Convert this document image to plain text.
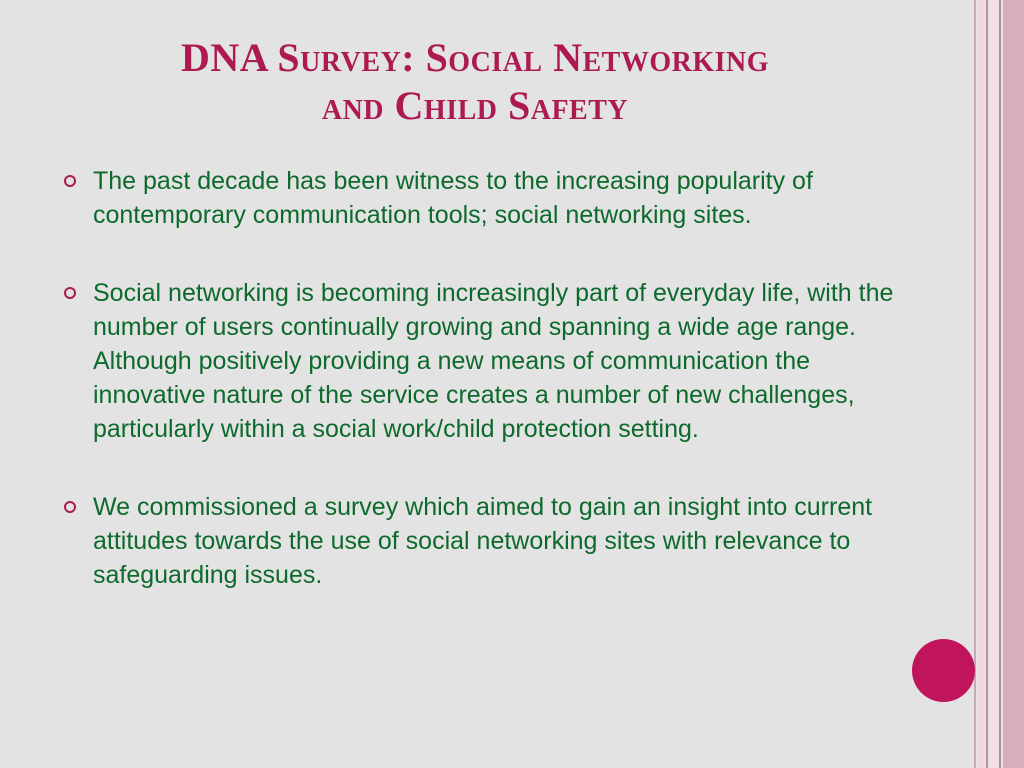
DNA Survey: Social Networking
and Child Safety
The past decade has been witness to the increasing popularity of contemporary communication tools; social networking sites.
Social networking is becoming increasingly part of everyday life, with the number of users continually growing and spanning a wide age range. Although positively providing a new means of communication the innovative nature of the service creates a number of new challenges, particularly within a social work/child protection setting.
We commissioned a survey which aimed to gain an insight into current attitudes towards the use of social networking sites with relevance to safeguarding issues.
